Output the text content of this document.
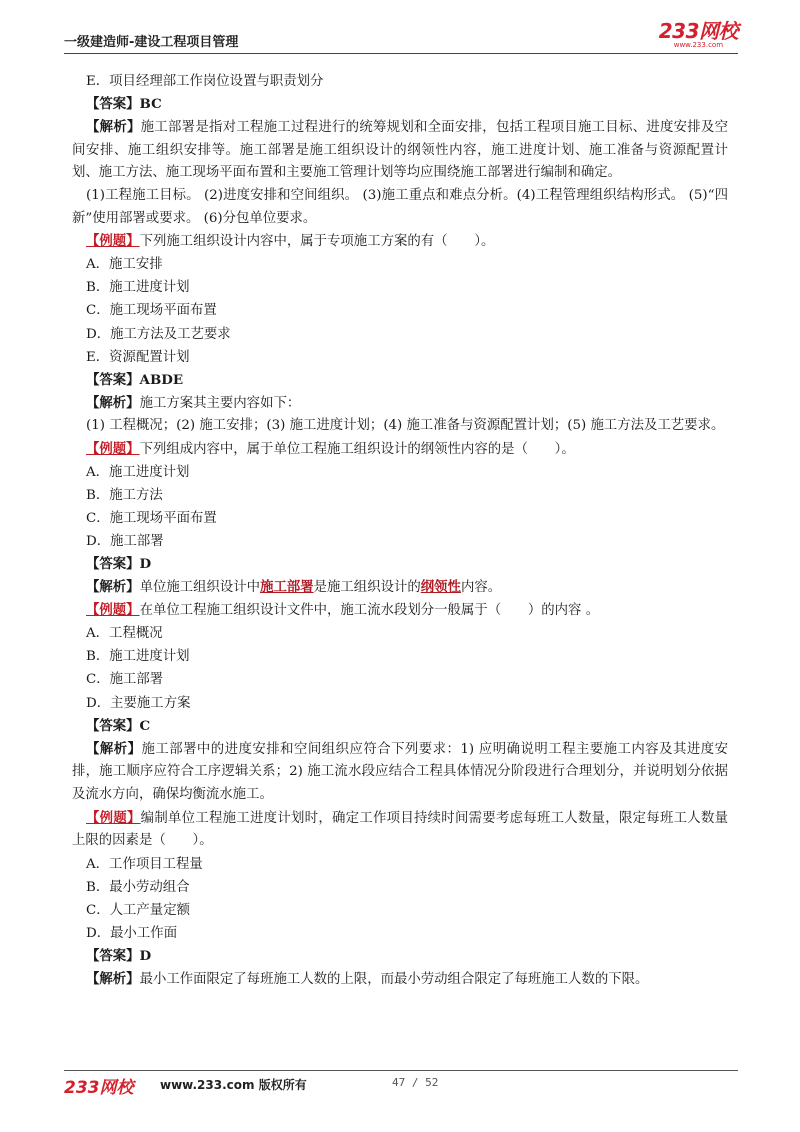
一级建造师-建设工程项目管理	233网校
www.233.com
E．项目经理部工作岗位设置与职责划分
【答案】BC
【解析】施工部署是指对工程施工过程进行的统筹规划和全面安排，包括工程项目施工目标、进度安排及空间安排、施工组织安排等。施工部署是施工组织设计的纲领性内容，施工进度计划、施工准备与资源配置计划、施工方法、施工现场平面布置和主要施工管理计划等均应围绕施工部署进行编制和确定。
(1)工程施工目标。 (2)进度安排和空间组织。 (3)施工重点和难点分析。(4)工程管理组织结构形式。 (5)“四新”使用部署或要求。 (6)分包单位要求。
【例题】下列施工组织设计内容中，属于专项施工方案的有（　　）。
A．施工安排
B．施工进度计划
C．施工现场平面布置
D．施工方法及工艺要求
E．资源配置计划
【答案】ABDE
【解析】施工方案其主要内容如下：
(1) 工程概况；(2) 施工安排；(3) 施工进度计划；(4) 施工准备与资源配置计划；(5) 施工方法及工艺要求。
【例题】下列组成内容中，属于单位工程施工组织设计的纲领性内容的是（　　）。
A．施工进度计划
B．施工方法
C．施工现场平面布置
D．施工部署
【答案】D
【解析】单位施工组织设计中施工部署是施工组织设计的纲领性内容。
【例题】在单位工程施工组织设计文件中，施工流水段划分一般属于（　　）的内容 。
A．工程概况
B．施工进度计划
C．施工部署
D．主要施工方案
【答案】C
【解析】施工部署中的进度安排和空间组织应符合下列要求：1) 应明确说明工程主要施工内容及其进度安排，施工顺序应符合工序逻辑关系；2) 施工流水段应结合工程具体情况分阶段进行合理划分，并说明划分依据及流水方向，确保均衡流水施工。
【例题】编制单位工程施工进度计划时，确定工作项目持续时间需要考虑每班工人数量，限定每班工人数量上限的因素是（　　）。
A．工作项目工程量
B．最小劳动组合
C．人工产量定额
D．最小工作面
【答案】D
【解析】最小工作面限定了每班施工人数的上限，而最小劳动组合限定了每班施工人数的下限。
233网校 www.233.com 版权所有	47 / 52
